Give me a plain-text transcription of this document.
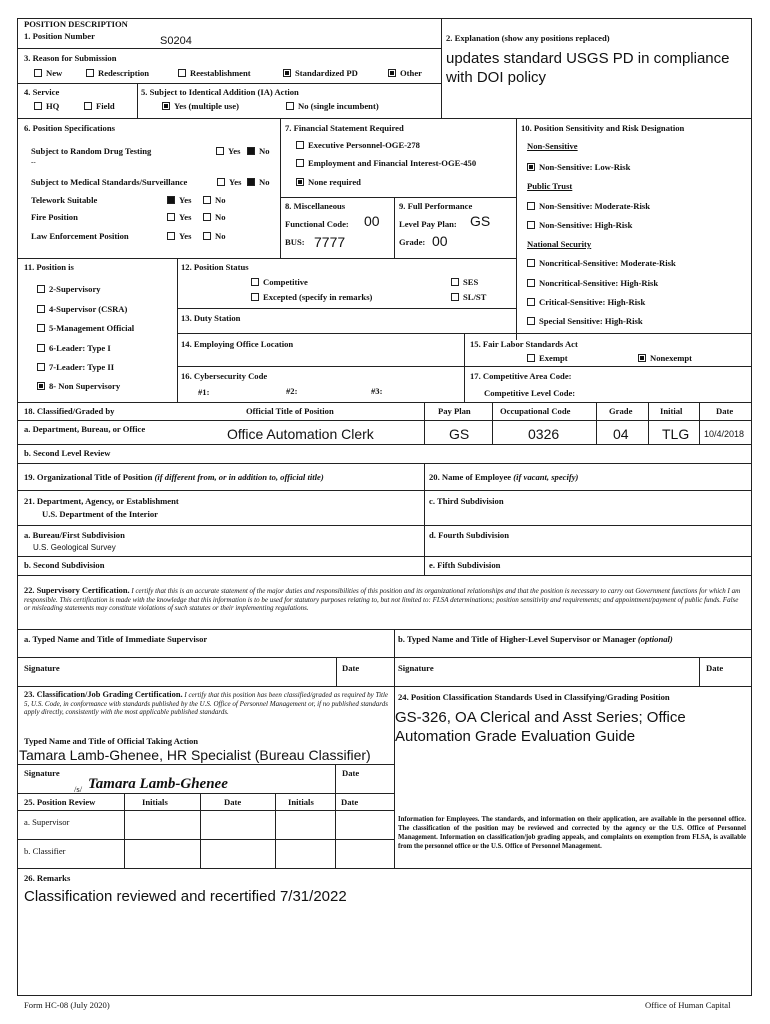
POSITION DESCRIPTION
1. Position Number	S0204	2. Explanation (show any positions replaced)
updates standard USGS PD in compliance
with DOI policy
3. Reason for Submission
New	Redescription	Reestablishment	Standardized PD	Other
4. Service
HQ	Field
5. Subject to Identical Addition (IA) Action
Yes (multiple use)	No (single incumbent)
6. Position Specifications
Subject to Random Drug Testing	Yes	No
--
Subject to Medical Standards/Surveillance	Yes	No
Telework Suitable	Yes	No
Fire Position	Yes	No
Law Enforcement Position	Yes	No
7. Financial Statement Required
Executive Personnel-OGE-278
Employment and Financial Interest-OGE-450
None required
8. Miscellaneous
Functional Code: 00
BUS: 7777
9. Full Performance
Level Pay Plan: GS
Grade: 00
10. Position Sensitivity and Risk Designation
Non-Sensitive
Non-Sensitive: Low-Risk
Public Trust
Non-Sensitive: Moderate-Risk
Non-Sensitive: High-Risk
National Security
Noncritical-Sensitive: Moderate-Risk
Noncritical-Sensitive: High-Risk
Critical-Sensitive: High-Risk
Special Sensitive: High-Risk
11. Position is
2-Supervisory
4-Supervisor (CSRA)
5-Management Official
6-Leader: Type I
7-Leader: Type II
8- Non Supervisory
12. Position Status
Competitive
Excepted (specify in remarks)
SES
SL/ST
13. Duty Station
14. Employing Office Location	15. Fair Labor Standards Act
Exempt	Nonexempt
16. Cybersecurity Code
#1:	#2:	#3:
17. Competitive Area Code:
Competitive Level Code:
18. Classified/Graded by	Official Title of Position	Pay Plan	Occupational Code	Grade	Initial	Date
a. Department, Bureau, or Office	Office Automation Clerk	GS	0326	04 TLG 10/4/2018
b. Second Level Review
19. Organizational Title of Position (if different from, or in addition to, official title)	20. Name of Employee (if vacant, specify)
21. Department, Agency, or Establishment
U.S. Department of the Interior
c. Third Subdivision
a. Bureau/First Subdivision
U.S. Geological Survey
d. Fourth Subdivision
b. Second Subdivision	e. Fifth Subdivision
22. Supervisory Certification. I certify that this is an accurate statement of the major duties and responsibilities of this position and its organizational relationships and that the position is necessary to carry out Government functions for which I am responsible. This certification is made with the knowledge that this information is to be used for statutory purposes relating to, but not limited to: FLSA determinations; position sensitivity and requirements; and appointment/payment of public funds. False or misleading statements may constitute violations of such statutes or their implementing regulations.
a. Typed Name and Title of Immediate Supervisor	b. Typed Name and Title of Higher-Level Supervisor or Manager (optional)
Signature	Date	Signature	Date
23. Classification/Job Grading Certification. I certify that this position has been classified/graded as required by Title 5, U.S. Code, in conformance with standards published by the U.S. Office of Personnel Management or, if no published standards apply directly, consistently with the most applicable published standards.
Typed Name and Title of Official Taking Action
Tamara Lamb-Ghenee, HR Specialist (Bureau Classifier)
Signature	Date
/s/ Tamara Lamb-Ghenee
24. Position Classification Standards Used in Classifying/Grading Position
GS-326, OA Clerical and Asst Series; Office
Automation Grade Evaluation Guide
25. Position Review	Initials	Date	Initials	Date
a. Supervisor
b. Classifier
Information for Employees. The standards, and information on their application, are available in the personnel office. The classification of the position may be reviewed and corrected by the agency or the U.S. Office of Personnel Management. Information on classification/job grading appeals, and complaints on exemption from FLSA, is available from the personnel office or the U.S. Office of Personnel Management.
26. Remarks
Classification reviewed and recertified 7/31/2022
Form HC-08 (July 2020)	Office of Human Capital
